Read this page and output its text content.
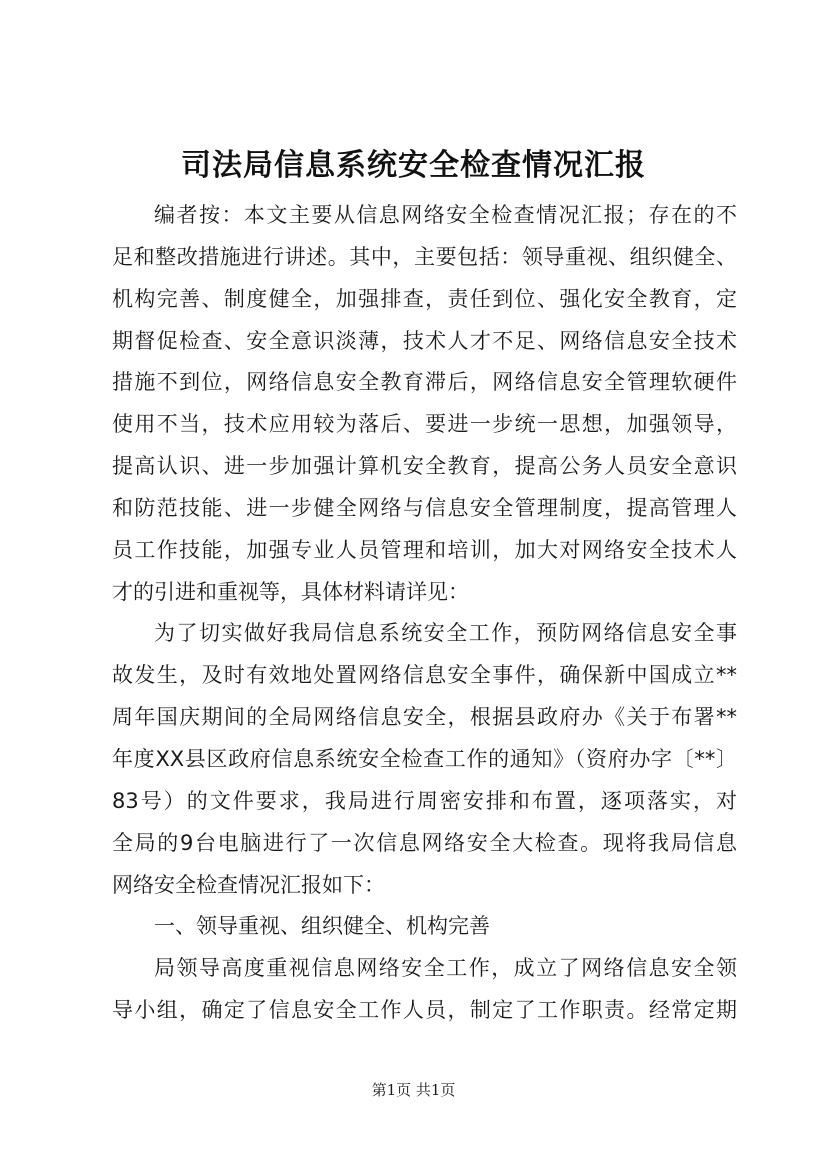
司法局信息系统安全检查情况汇报
编者按：本文主要从信息网络安全检查情况汇报；存在的不
足和整改措施进行讲述。其中，主要包括：领导重视、组织健全、
机构完善、制度健全，加强排查，责任到位、强化安全教育，定
期督促检查、安全意识淡薄，技术人才不足、网络信息安全技术
措施不到位，网络信息安全教育滞后，网络信息安全管理软硬件
使用不当，技术应用较为落后、要进一步统一思想，加强领导，
提高认识、进一步加强计算机安全教育，提高公务人员安全意识
和防范技能、进一步健全网络与信息安全管理制度，提高管理人
员工作技能，加强专业人员管理和培训，加大对网络安全技术人
才的引进和重视等，具体材料请详见：
为了切实做好我局信息系统安全工作，预防网络信息安全事
故发生，及时有效地处置网络信息安全事件，确保新中国成立**
周年国庆期间的全局网络信息安全，根据县政府办《关于布署**
年度XX县区政府信息系统安全检查工作的通知》（资府办字〔**〕
83号）的文件要求，我局进行周密安排和布置，逐项落实，对
全局的9台电脑进行了一次信息网络安全大检查。现将我局信息
网络安全检查情况汇报如下：
一、领导重视、组织健全、机构完善
局领导高度重视信息网络安全工作，成立了网络信息安全领
导小组，确定了信息安全工作人员，制定了工作职责。经常定期
第1页 共1页
